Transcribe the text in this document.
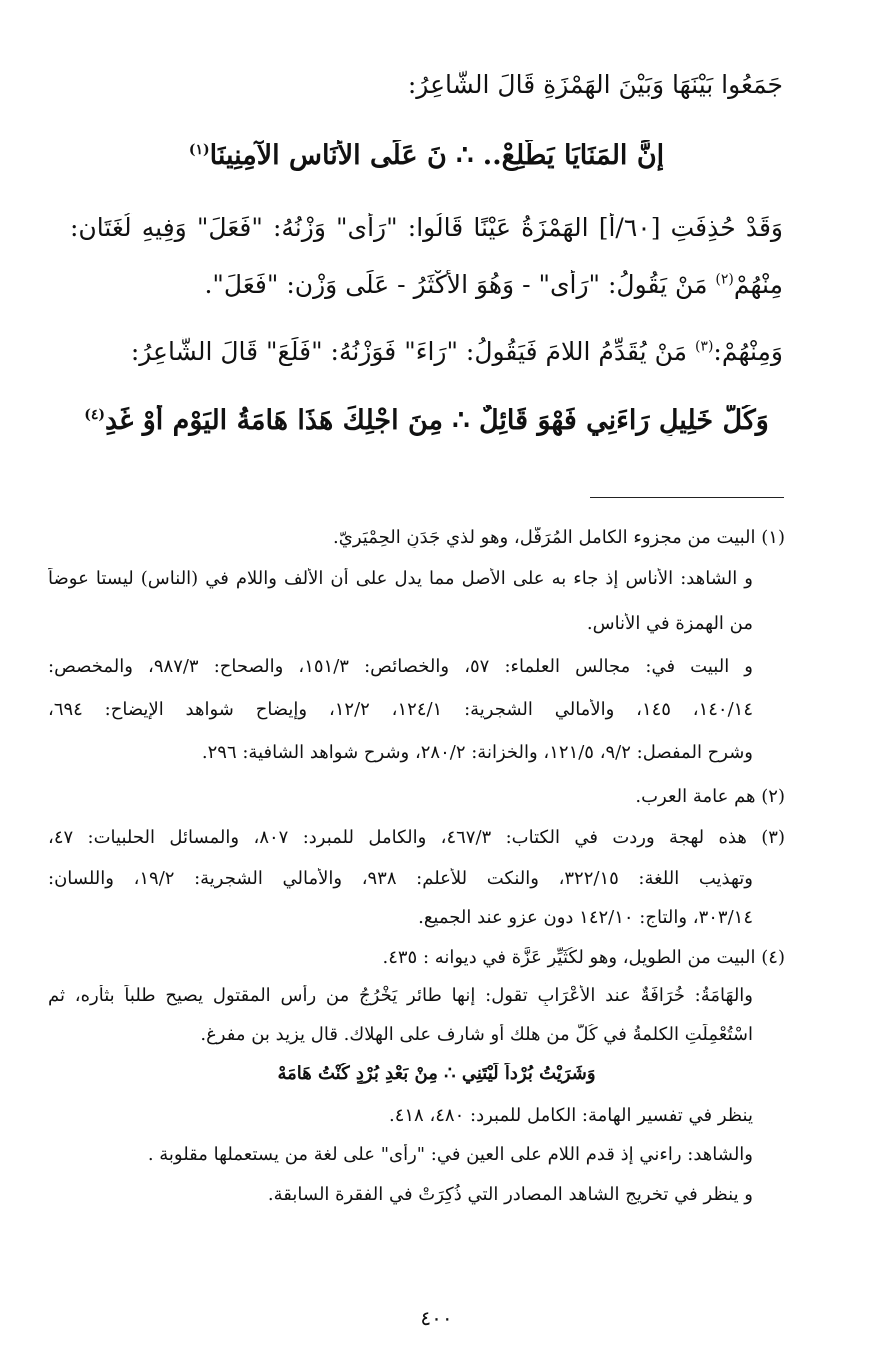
جَمَعُوا بَيْنَهَا وَبَيْنَ الهَمْزَةِ قَالَ الشَّاعِرُ:
إِنَّ المَنَايَا يَطَّلِعْ.. ∴ نَ عَلَى الأُنَاسِ الآمِنِينَا$^{(١)}$
وَقَدْ حُذِفَتِ [٦٠/أ] الهَمْزَةُ عَيْنًا قَالُوا: "رَأَى" وَزْنُهُ: "فَعَلَ" وَفِيهِ لُغَتَانِ:
مِنْهُمْ$^{(٢)}$ مَنْ يَقُولُ: "رَأَى" - وَهُوَ الأَكْثَرُ - عَلَى وَزْنِ: "فَعَلَ".
وَمِنْهُمْ:$^{(٣)}$ مَنْ يُقَدِّمُ اللامَ فَيَقُولُ: "رَاءَ" فَوَزْنُهُ: "فَلَعَ" قَالَ الشَّاعِرُ:
وَكُلُّ خَلِيلٍ رَاءَنِي فَهْوَ قَائِلٌ ∴ مِنَ اجْلِكَ هَذَا هَامَةُ اليَوْمِ أَوْ غَدِ$^{(٤)}$
(١) البيت من مجزوء الكامل المُرَفَّل، وهو لذي جَدَنٍ الحِمْيَرِيّ.
و الشاهد: الأناس إذ جاء به على الأصل مما يدل على أن الألف واللام في (الناس) ليستا عوضاً
من الهمزة في الأناس.
و البيت في: مجالس العلماء: ٥٧، والخصائص: ١٥١/٣، والصحاح: ٩٨٧/٣، والمخصص:
١٤٠/١٤، ١٤٥، والأمالي الشجرية: ١٢٤/١، ١٢/٢، وإيضاح شواهد الإيضاح: ٦٩٤،
وشرح المفصل: ٩/٢، ١٢١/٥، والخزانة: ٢٨٠/٢، وشرح شواهد الشافية: ٢٩٦.
(٢) هم عامة العرب.
(٣) هذه لهجة وردت في الكتاب: ٤٦٧/٣، والكامل للمبرد: ٨٠٧، والمسائل الحلبيات: ٤٧،
وتهذيب اللغة: ٣٢٢/١٥، والنكت للأعلم: ٩٣٨، والأمالي الشجرية: ١٩/٢، واللسان:
٣٠٣/١٤، والتاج: ١٤٢/١٠ دون عزو عند الجميع.
(٤) البيت من الطويل، وهو لكُثَيِّرٍ عَزَّة في ديوانه : ٤٣٥.
والهَامَةُ: خُرَافَةٌ عند الأَعْرَابِ تقول: إنها طائر يَخْرُجُ من رأس المقتول يصيح طلباً بثأره، ثم
اسْتُعْمِلَتِ الكلمةُ في كُلّ من هلك أو شارف على الهلاك. قال يزيد بن مفرغ.
وَشَرَيْتُ بُرْداً لَيْتَنِي ∴ مِنْ بَعْدِ بُرْدٍ كُنْتُ هَامَهْ
ينظر في تفسير الهامة: الكامل للمبرد: ٤٨٠، ٤١٨.
والشاهد: راءني إذ قدم اللام على العين في: "رأى" على لغة من يستعملها مقلوبة .
و ينظر في تخريج الشاهد المصادر التي ذُكِرَتْ في الفقرة السابقة.
٤٠٠
